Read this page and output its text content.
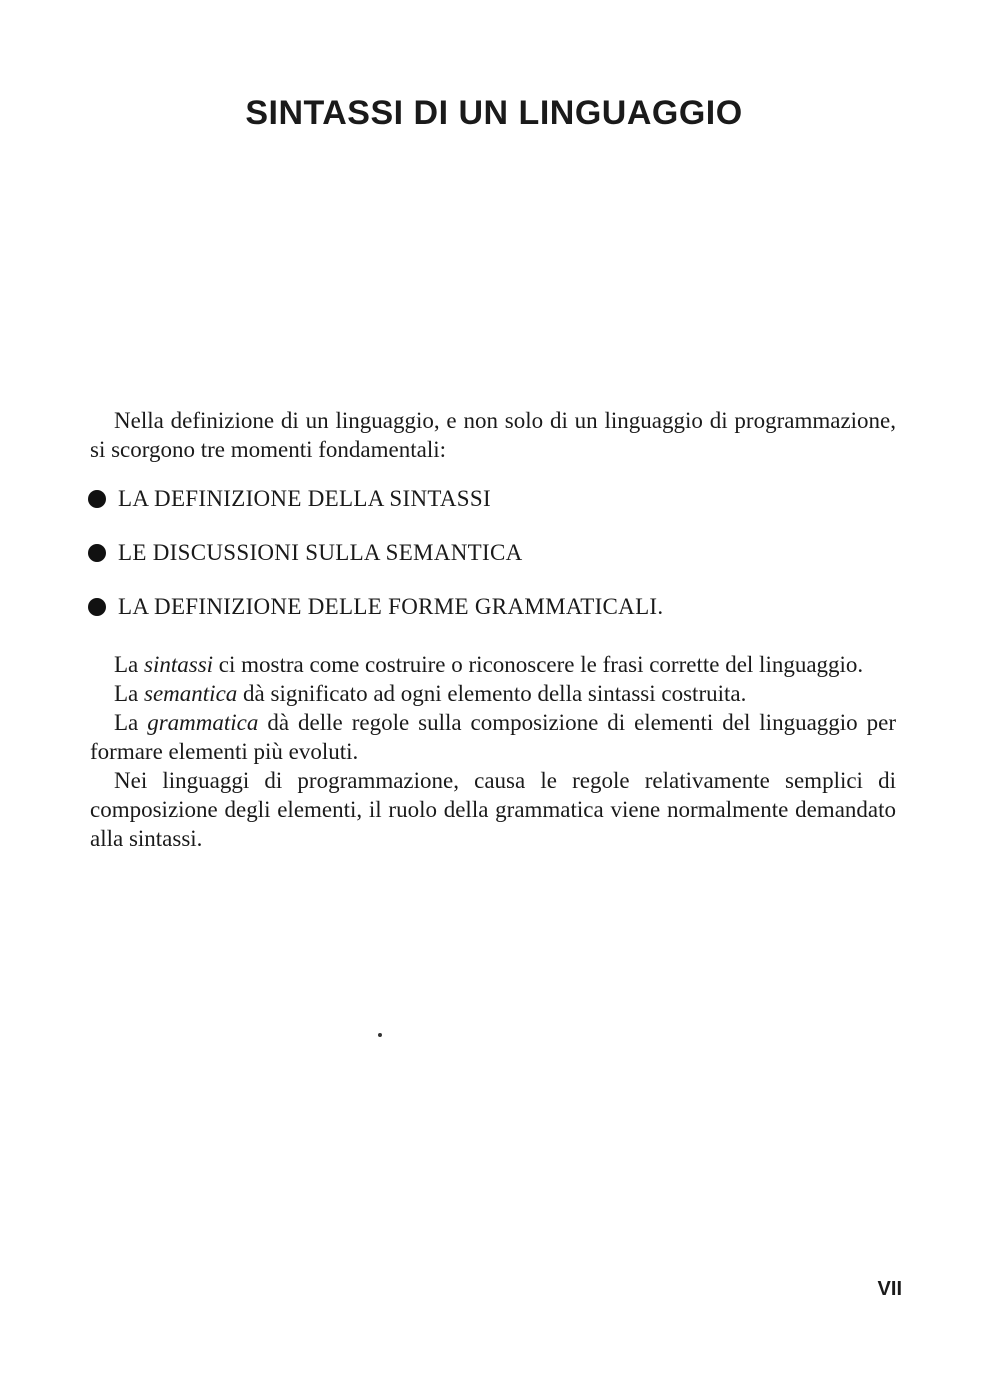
SINTASSI DI UN LINGUAGGIO

Nella definizione di un linguaggio, e non solo di un linguaggio di programmazione, si scorgono tre momenti fondamentali:

LA DEFINIZIONE DELLA SINTASSI
LE DISCUSSIONI SULLA SEMANTICA
LA DEFINIZIONE DELLE FORME GRAMMATICALI.

La sintassi ci mostra come costruire o riconoscere le frasi corrette del linguaggio.

La semantica dà significato ad ogni elemento della sintassi costruita.

La grammatica dà delle regole sulla composizione di elementi del linguaggio per formare elementi più evoluti.

Nei linguaggi di programmazione, causa le regole relativamente semplici di composizione degli elementi, il ruolo della grammatica viene normalmente demandato alla sintassi.

VII
